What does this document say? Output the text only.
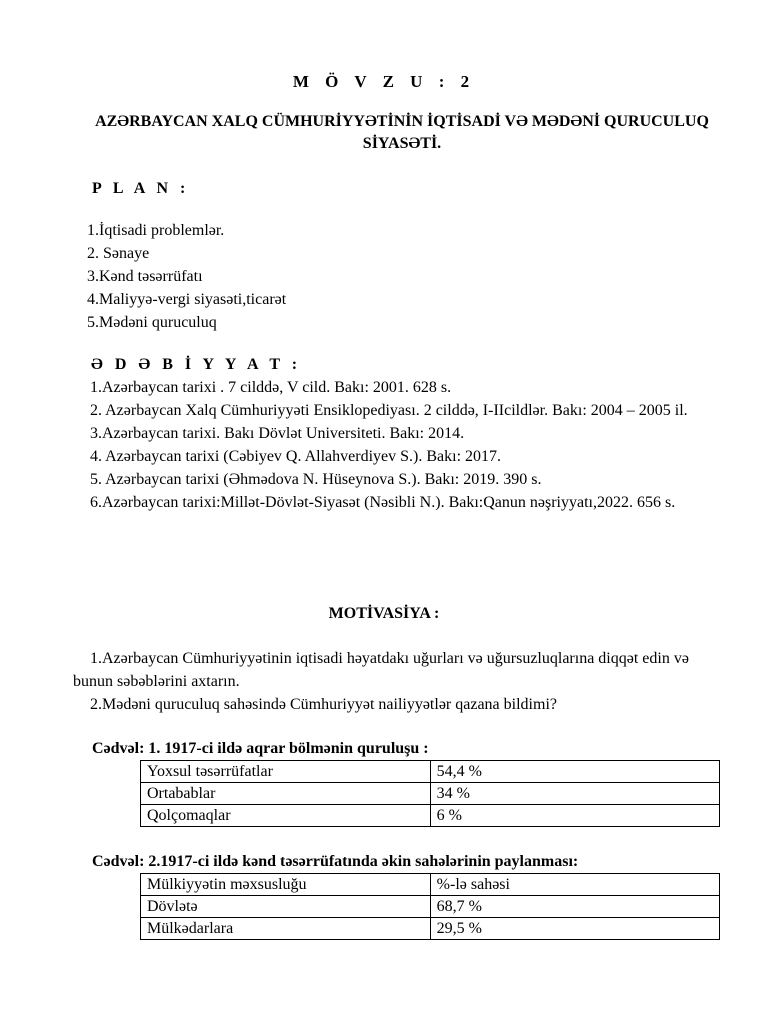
M Ö V Z U : 2
AZƏRBAYCAN XALQ CÜMHURİYYƏTİNİN İQTİSADİ VƏ MƏDƏNİ QURUCULUQ SİYASƏTİ.
P L A N :
1.İqtisadi problemlər.
2. Sənaye
3.Kənd təsərrüfatı
4.Maliyyə-vergi siyasəti,ticarət
5.Mədəni quruculuq
Ə D Ə B İ Y Y A T :

1.Azərbaycan tarixi . 7 cilddə, V cild. Bakı: 2001. 628 s.

2. Azərbaycan Xalq Cümhuriyyəti Ensiklopediyası. 2 cilddə, I-IIcildlər. Bakı: 2004 – 2005 il.

3.Azərbaycan tarixi. Bakı Dövlət Universiteti. Bakı: 2014.

4. Azərbaycan tarixi (Cəbiyev Q. Allahverdiyev S.). Bakı: 2017.

5. Azərbaycan tarixi (Əhmədova N. Hüseynova S.). Bakı: 2019. 390 s.

6.Azərbaycan tarixi:Millət-Dövlət-Siyasət (Nəsibli N.). Bakı:Qanun nəşriyyatı,2022. 656 s.

MOTİVASİYA :

1.Azərbaycan Cümhuriyyətinin iqtisadi həyatdakı uğurları və uğursuzluqlarına diqqət edin və bunun səbəblərini axtarın.

2.Mədəni quruculuq sahəsində Cümhuriyyət nailiyyətlər qazana bildimi?

Cədvəl: 1. 1917-ci ildə aqrar bölmənin quruluşu :
Yoxsul təsərrüfatlar	54,4 %
Ortabablar	34 %
Qolçomaqlar	6 %
Cədvəl: 2.1917-ci ildə kənd təsərrüfatında əkin sahələrinin paylanması:
Mülkiyyətin məxsusluğu	%-lə sahəsi
Dövlətə	68,7 %
Mülkədarlara	29,5 %
